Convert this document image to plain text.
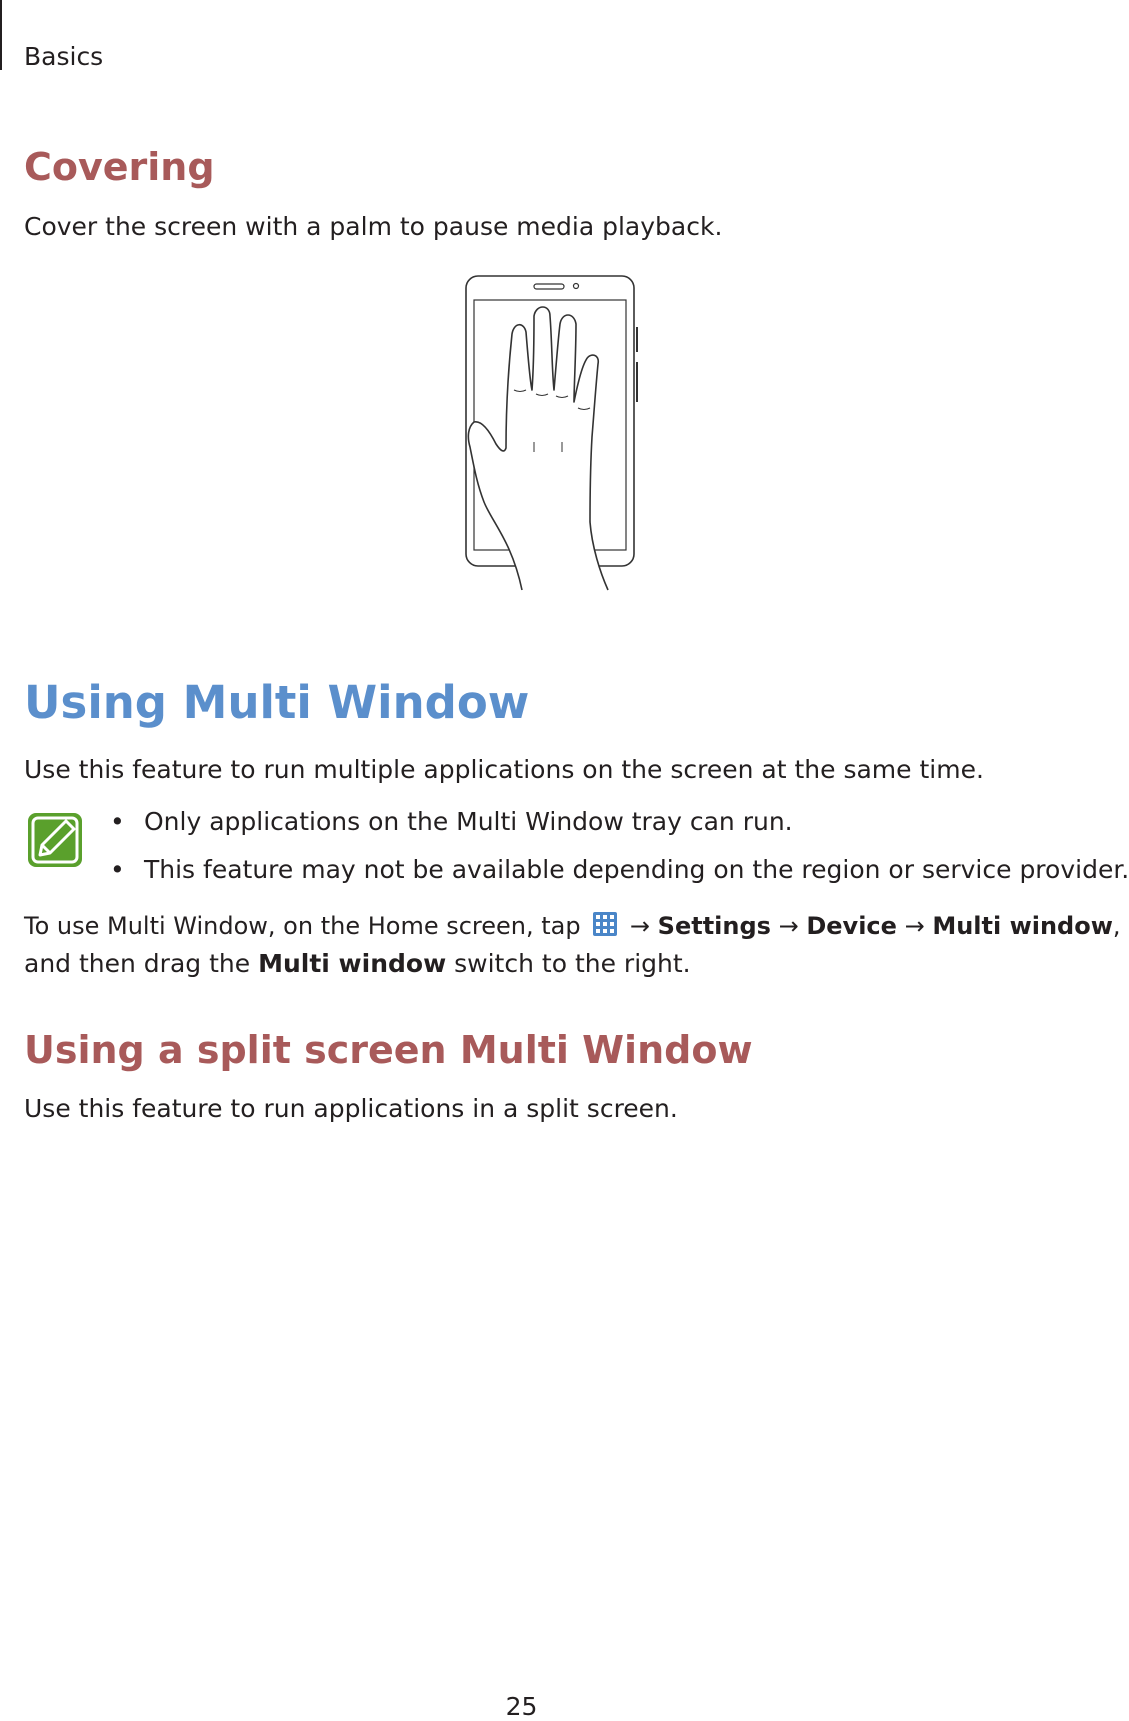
Basics
Covering
Cover the screen with a palm to pause media playback.
Using Multi Window
Use this feature to run multiple applications on the screen at the same time.
• Only applications on the Multi Window tray can run.
• This feature may not be available depending on the region or service provider.
To use Multi Window, on the Home screen, tap → Settings → Device → Multi window,
and then drag the Multi window switch to the right.
Using a split screen Multi Window
Use this feature to run applications in a split screen.
25
